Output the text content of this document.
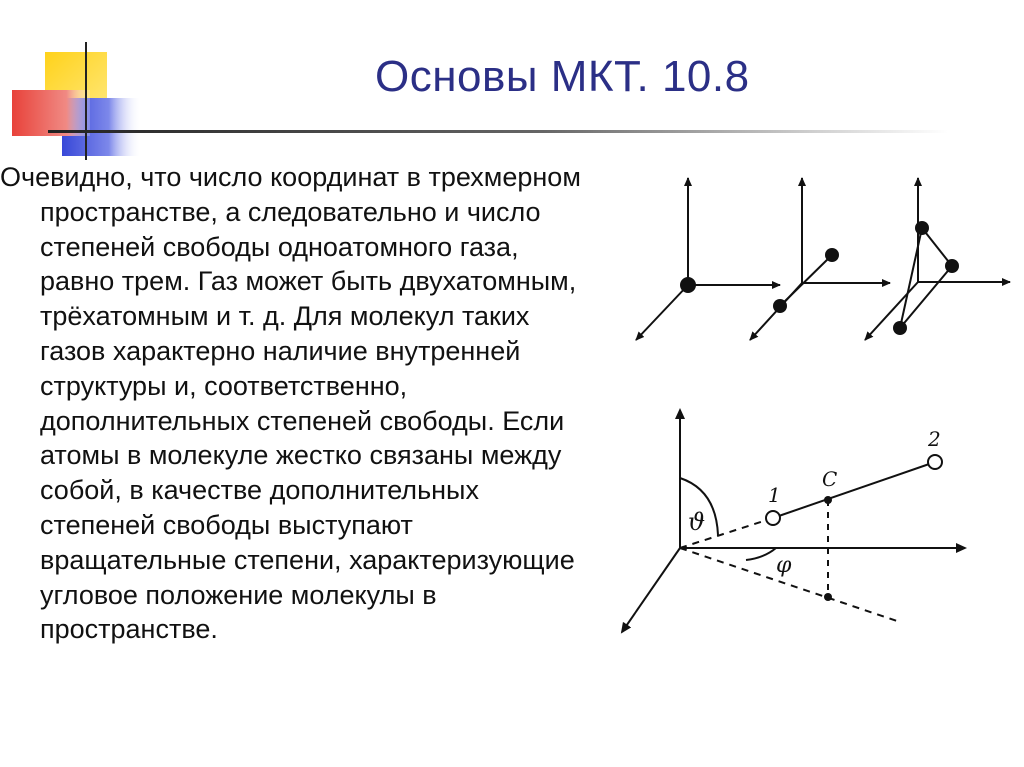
Основы МКТ. 10.8
Очевидно, что число координат в трехмерном
пространстве, а следовательно и число
степеней свободы одноатомного газа,
равно трем. Газ может быть двухатомным,
трёхатомным и т. д. Для молекул таких
газов характерно наличие внутренней
структуры и, соответственно,
дополнительных степеней свободы. Если
атомы в молекуле жестко связаны между
собой, в качестве дополнительных
степеней свободы выступают
вращательные степени, характеризующие
угловое положение молекулы в
пространстве.
1
2
C
ϑ
φ
